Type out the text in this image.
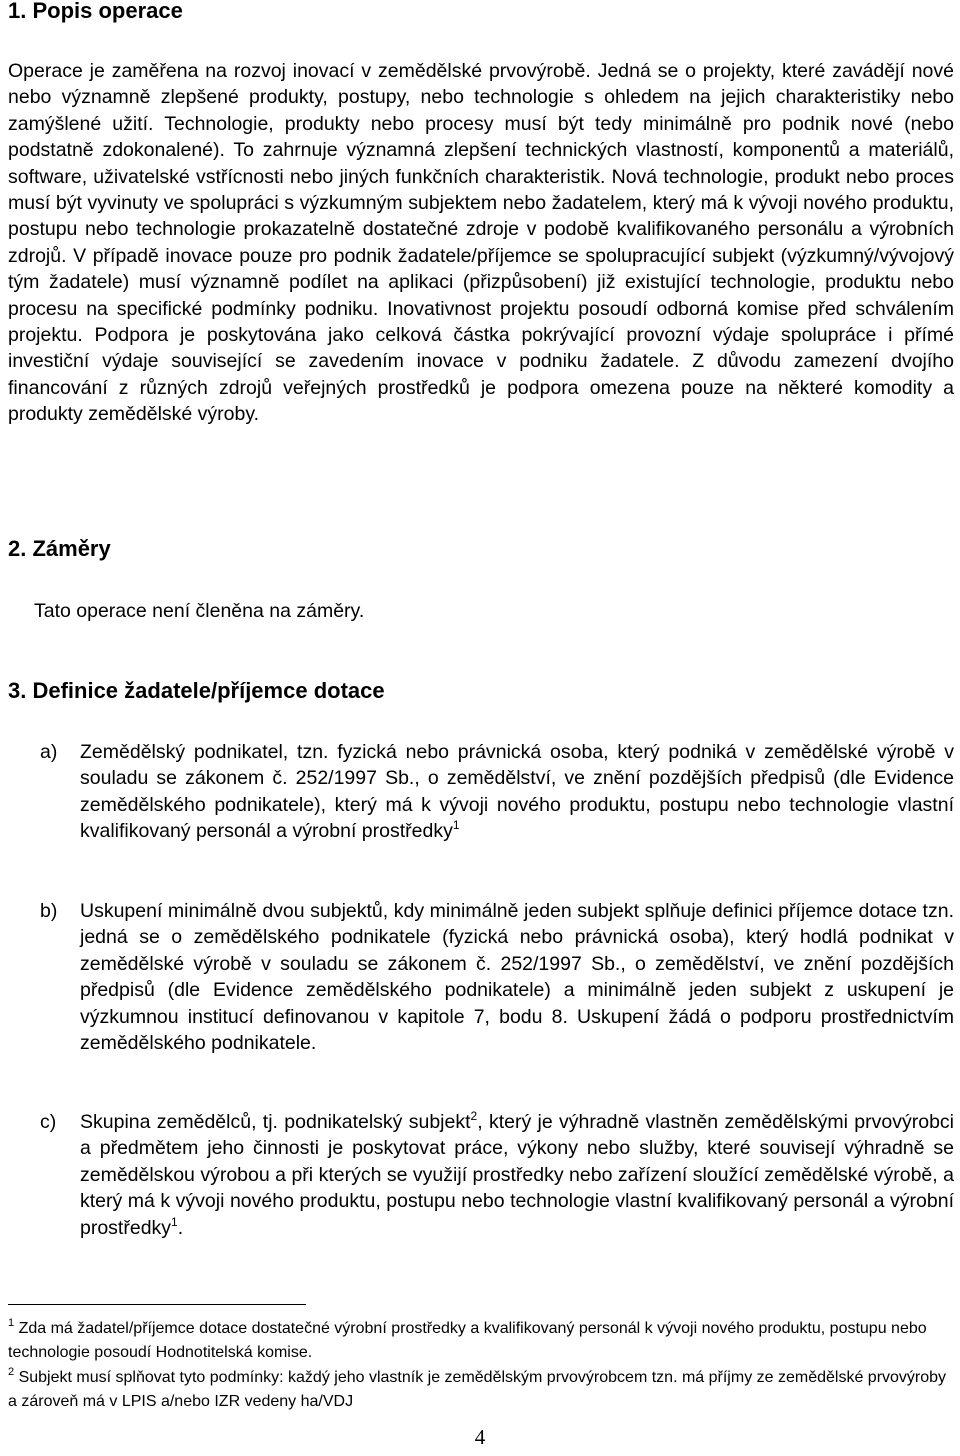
1. Popis operace

Operace je zaměřena na rozvoj inovací v zemědělské prvovýrobě. Jedná se o projekty, které zavádějí nové nebo významně zlepšené produkty, postupy, nebo technologie s ohledem na jejich charakteristiky nebo zamýšlené užití. Technologie, produkty nebo procesy musí být tedy minimálně pro podnik nové (nebo podstatně zdokonalené). To zahrnuje významná zlepšení technických vlastností, komponentů a materiálů, software, uživatelské vstřícnosti nebo jiných funkčních charakteristik. Nová technologie, produkt nebo proces musí být vyvinuty ve spolupráci s výzkumným subjektem nebo žadatelem, který má k vývoji nového produktu, postupu nebo technologie prokazatelně dostatečné zdroje v podobě kvalifikovaného personálu a výrobních zdrojů. V případě inovace pouze pro podnik žadatele/příjemce se spolupracující subjekt (výzkumný/vývojový tým žadatele) musí významně podílet na aplikaci (přizpůsobení) již existující technologie, produktu nebo procesu na specifické podmínky podniku. Inovativnost projektu posoudí odborná komise před schválením projektu. Podpora je poskytována jako celková částka pokrývající provozní výdaje spolupráce i přímé investiční výdaje související se zavedením inovace v podniku žadatele. Z důvodu zamezení dvojího financování z různých zdrojů veřejných prostředků je podpora omezena pouze na některé komodity a produkty zemědělské výroby.

2. Záměry

Tato operace není členěna na záměry.

3. Definice žadatele/příjemce dotace
a) Zemědělský podnikatel, tzn. fyzická nebo právnická osoba, který podniká v zemědělské výrobě v souladu se zákonem č. 252/1997 Sb., o zemědělství, ve znění pozdějších předpisů (dle Evidence zemědělského podnikatele), který má k vývoji nového produktu, postupu nebo technologie vlastní kvalifikovaný personál a výrobní prostředky$^1$
b) Uskupení minimálně dvou subjektů, kdy minimálně jeden subjekt splňuje definici příjemce dotace tzn. jedná se o zemědělského podnikatele (fyzická nebo právnická osoba), který hodlá podnikat v zemědělské výrobě v souladu se zákonem č. 252/1997 Sb., o zemědělství, ve znění pozdějších předpisů (dle Evidence zemědělského podnikatele) a minimálně jeden subjekt z uskupení je výzkumnou institucí definovanou v kapitole 7, bodu 8. Uskupení žádá o podporu prostřednictvím zemědělského podnikatele.
c) Skupina zemědělců, tj. podnikatelský subjekt$^2$, který je výhradně vlastněn zemědělskými prvovýrobci a předmětem jeho činnosti je poskytovat práce, výkony nebo služby, které souvisejí výhradně se zemědělskou výrobou a při kterých se využijí prostředky nebo zařízení sloužící zemědělské výrobě, a který má k vývoji nového produktu, postupu nebo technologie vlastní kvalifikovaný personál a výrobní prostředky$^1$.

$^1$ Zda má žadatel/příjemce dotace dostatečné výrobní prostředky a kvalifikovaný personál k vývoji nového produktu, postupu nebo technologie posoudí Hodnotitelská komise.

$^2$ Subjekt musí splňovat tyto podmínky: každý jeho vlastník je zemědělským prvovýrobcem tzn. má příjmy ze zemědělské prvovýroby a zároveň má v LPIS a/nebo IZR vedeny ha/VDJ

4
